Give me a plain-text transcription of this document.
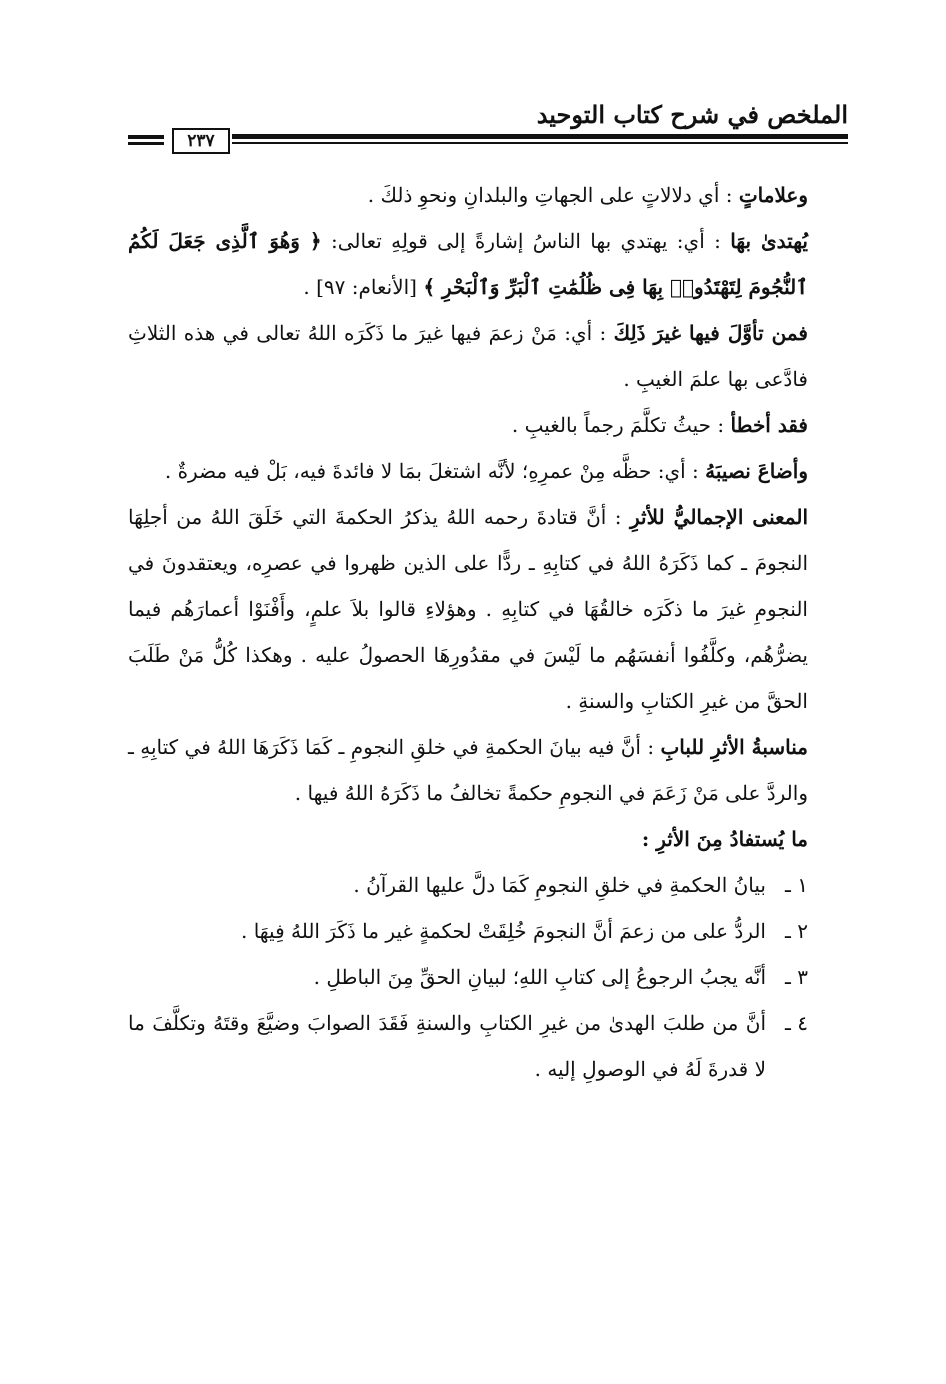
الملخص في شرح كتاب التوحيد
٢٣٧

وعلاماتٍ : أي دلالاتٍ على الجهاتِ والبلدانِ ونحوِ ذلكَ .

يُهتدىٰ بهَا : أي: يهتدي بها الناسُ إشارةً إلى قولِهِ تعالى: ﴿ وَهُوَ ٱلَّذِى جَعَلَ لَكُمُ ٱلنُّجُومَ لِتَهْتَدُوا۟ بِهَا فِى ظُلُمَٰتِ ٱلْبَرِّ وَٱلْبَحْرِ ﴾ [الأنعام: ٩٧] .

فمن تأوَّلَ فيها غيرَ ذَلِكَ : أي: مَنْ زعمَ فيها غيرَ ما ذَكَرَه اللهُ تعالى في هذه الثلاثِ فادَّعى بها علمَ الغيبِ .

فقد أخطأ : حيثُ تكلَّمَ رجماً بالغيبِ .

وأضاعَ نصيبَهُ : أي: حظَّه مِنْ عمرِهِ؛ لأنَّه اشتغلَ بمَا لا فائدةَ فيه، بَلْ فيه مضرةٌ .

المعنى الإجماليُّ للأثرِ : أنَّ قتادةَ رحمه اللهُ يذكرُ الحكمةَ التي خَلَقَ اللهُ من أجلِهَا النجومَ ـ كما ذَكَرَهُ اللهُ في كتابِهِ ـ ردًّا على الذين ظهروا في عصرِه، ويعتقدونَ في النجومِ غيرَ ما ذكَرَه خالقُهَا في كتابِهِ . وهؤلاءِ قالوا بلاَ علمٍ، وأَفْنَوْا أعمارَهُم فيما يضرُّهُم، وكلَّفُوا أنفسَهُم ما لَيْسَ في مقدُورِهَا الحصولُ عليه . وهكذا كُلُّ مَنْ طَلَبَ الحقَّ من غيرِ الكتابِ والسنةِ .

مناسبةُ الأثرِ للبابِ : أنَّ فيه بيانَ الحكمةِ في خلقِ النجومِ ـ كَمَا ذَكَرَهَا اللهُ في كتابِهِ ـ والردَّ على مَنْ زَعَمَ في النجومِ حكمةً تخالفُ ما ذَكَرَهُ اللهُ فيها .

ما يُستفادُ مِنَ الأثرِ :

١ ـ
بيانُ الحكمةِ في خلقِ النجومِ كَمَا دلَّ عليها القرآنُ .
٢ ـ
الردُّ على من زعمَ أنَّ النجومَ خُلِقَتْ لحكمةٍ غير ما ذَكَرَ اللهُ فِيهَا .
٣ ـ
أنَّه يجبُ الرجوعُ إلى كتابِ اللهِ؛ لبيانِ الحقِّ مِنَ الباطلِ .
٤ ـ
أنَّ من طلبَ الهدىٰ من غيرِ الكتابِ والسنةِ فَقَدَ الصوابَ وضيَّعَ وقتَهُ وتكلَّفَ ما لا قدرةَ لَهُ في الوصولِ إليه .
